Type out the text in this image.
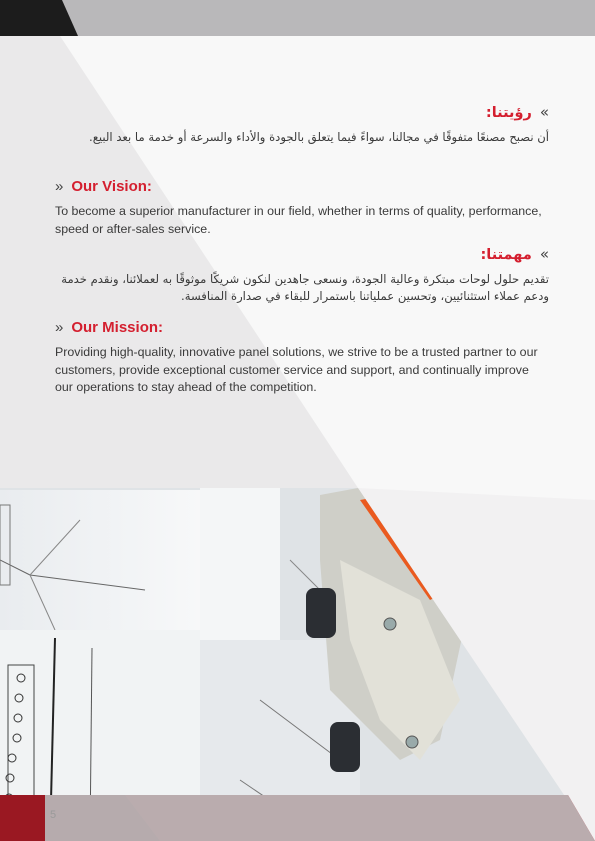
»
رؤيتنا:
أن نصبح مصنعًا متفوقًا في مجالنا، سواءً فيما يتعلق بالجودة والأداء والسرعة أو خدمة ما بعد البيع.
» Our Vision:
To become a superior manufacturer in our field, whether in terms of quality, performance, speed or after-sales service.
»
مهمتنا:
تقديم حلول لوحات مبتكرة وعالية الجودة، ونسعى جاهدين لنكون شريكًا موثوقًا به لعملائنا، ونقدم خدمة ودعم عملاء استثنائيين، وتحسين عملياتنا باستمرار للبقاء في صدارة المنافسة.
» Our Mission:
Providing high-quality, innovative panel solutions, we strive to be a trusted partner to our customers, provide exceptional customer service and support, and continually improve our operations to stay ahead of the competition.
5
